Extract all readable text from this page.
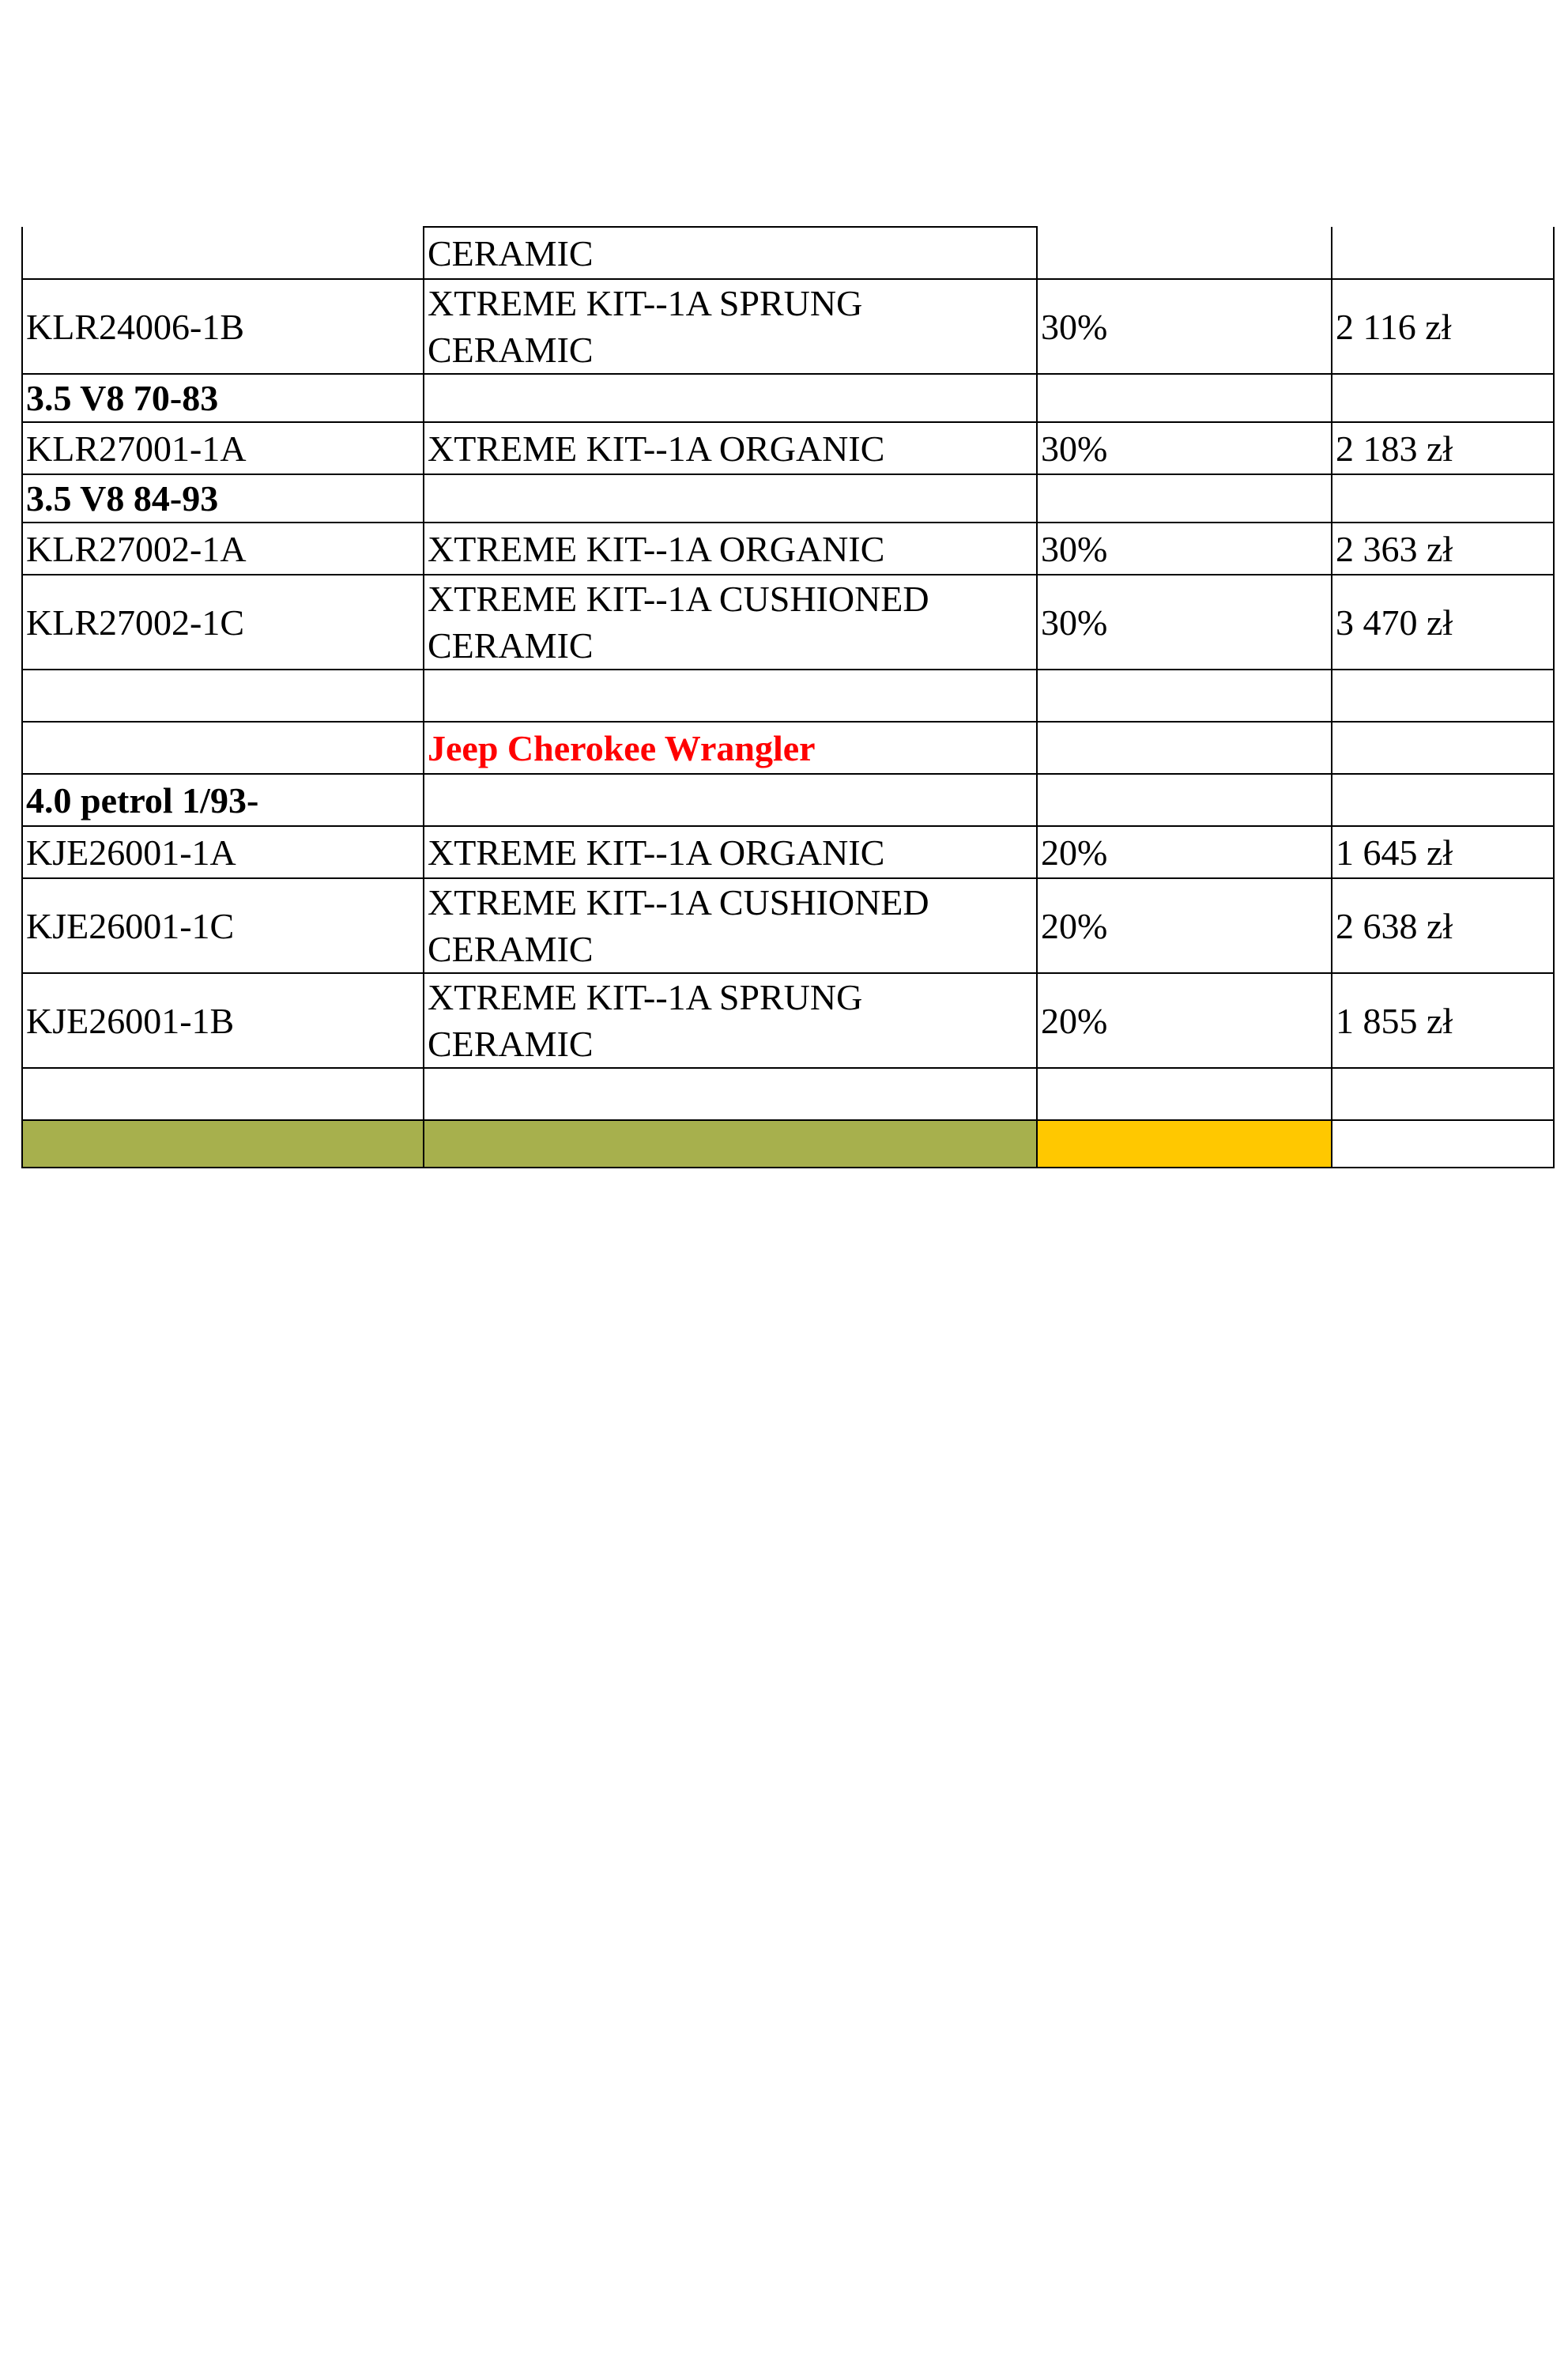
	CERAMIC		
KLR24006-1B	XTREME KIT--1A SPRUNG CERAMIC	30%	2 116 zł
3.5 V8 70-83			
KLR27001-1A	XTREME KIT--1A ORGANIC	30%	2 183 zł
3.5 V8 84-93			
KLR27002-1A	XTREME KIT--1A ORGANIC	30%	2 363 zł
KLR27002-1C	XTREME KIT--1A CUSHIONED CERAMIC	30%	3 470 zł

	Jeep Cherokee Wrangler		
4.0 petrol 1/93-			
KJE26001-1A	XTREME KIT--1A ORGANIC	20%	1 645 zł
KJE26001-1C	XTREME KIT--1A CUSHIONED CERAMIC	20%	2 638 zł
KJE26001-1B	XTREME KIT--1A SPRUNG CERAMIC	20%	1 855 zł
